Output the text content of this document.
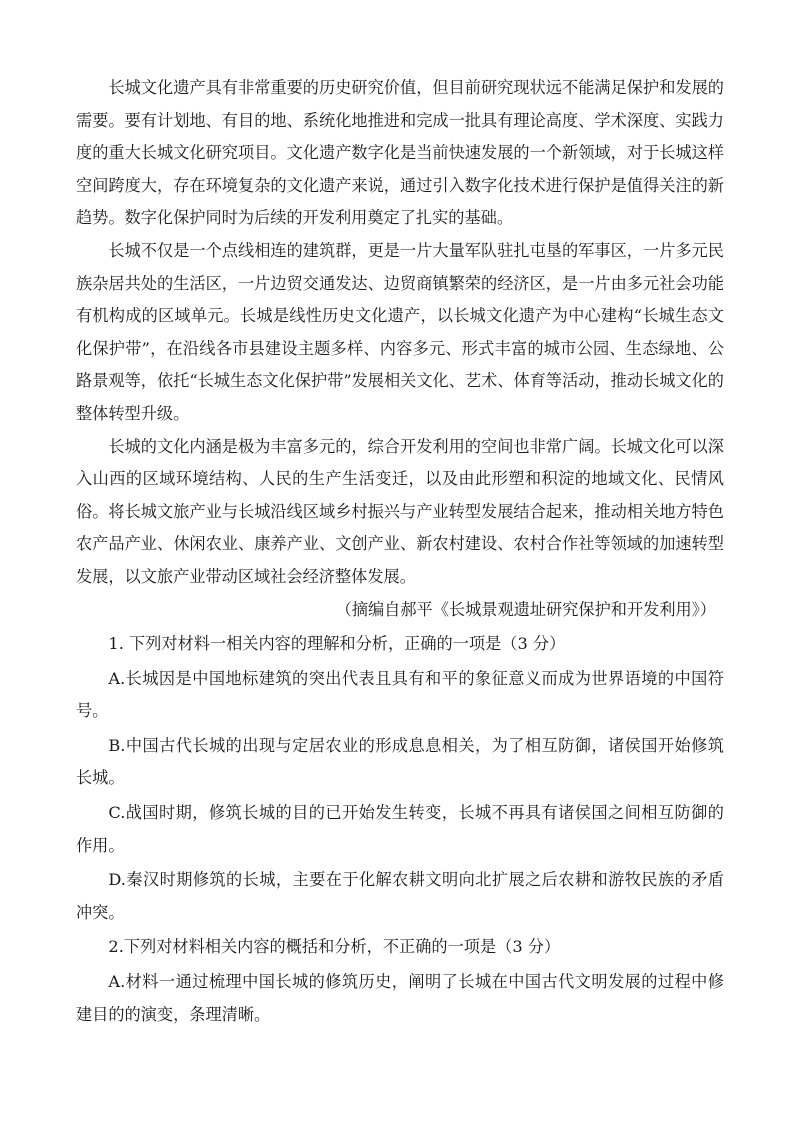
长城文化遗产具有非常重要的历史研究价值，但目前研究现状远不能满足保护和发展的需要。要有计划地、有目的地、系统化地推进和完成一批具有理论高度、学术深度、实践力度的重大长城文化研究项目。文化遗产数字化是当前快速发展的一个新领域，对于长城这样空间跨度大，存在环境复杂的文化遗产来说，通过引入数字化技术进行保护是值得关注的新趋势。数字化保护同时为后续的开发利用奠定了扎实的基础。

长城不仅是一个点线相连的建筑群，更是一片大量军队驻扎屯垦的军事区，一片多元民族杂居共处的生活区，一片边贸交通发达、边贸商镇繁荣的经济区，是一片由多元社会功能有机构成的区域单元。长城是线性历史文化遗产，以长城文化遗产为中心建构“长城生态文化保护带”，在沿线各市县建设主题多样、内容多元、形式丰富的城市公园、生态绿地、公路景观等，依托“长城生态文化保护带”发展相关文化、艺术、体育等活动，推动长城文化的整体转型升级。

长城的文化内涵是极为丰富多元的，综合开发利用的空间也非常广阔。长城文化可以深入山西的区域环境结构、人民的生产生活变迁，以及由此形塑和积淀的地域文化、民情风俗。将长城文旅产业与长城沿线区域乡村振兴与产业转型发展结合起来，推动相关地方特色农产品产业、休闲农业、康养产业、文创产业、新农村建设、农村合作社等领域的加速转型发展，以文旅产业带动区域社会经济整体发展。

（摘编自郝平《长城景观遗址研究保护和开发利用》）

1. 下列对材料一相关内容的理解和分析，正确的一项是（3 分）

A.长城因是中国地标建筑的突出代表且具有和平的象征意义而成为世界语境的中国符号。

B.中国古代长城的出现与定居农业的形成息息相关，为了相互防御，诸侯国开始修筑长城。

C.战国时期，修筑长城的目的已开始发生转变，长城不再具有诸侯国之间相互防御的作用。

D.秦汉时期修筑的长城，主要在于化解农耕文明向北扩展之后农耕和游牧民族的矛盾冲突。

2.下列对材料相关内容的概括和分析，不正确的一项是（3 分）

A.材料一通过梳理中国长城的修筑历史，阐明了长城在中国古代文明发展的过程中修建目的的演变，条理清晰。
